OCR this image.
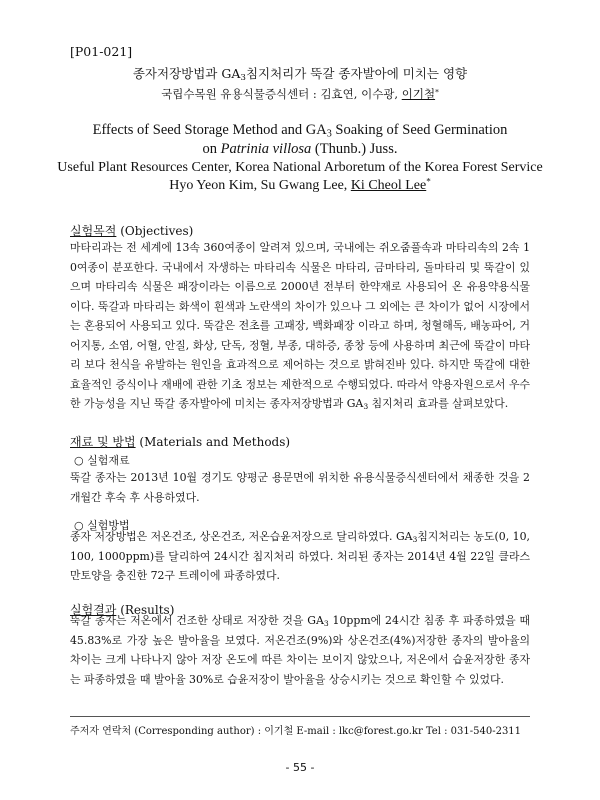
[P01-021]
종자저장방법과 $GA_3$침지처리가 뚝갈 종자발아에 미치는 영향
국립수목원 유용식물증식센터 : 김효연, 이수광, 이기철*
Effects of Seed Storage Method and $GA_3$ Soaking of Seed Germination
on Patrinia villosa (Thunb.) Juss.
Useful Plant Resources Center, Korea National Arboretum of the Korea Forest Service
Hyo Yeon Kim, Su Gwang Lee, Ki Cheol Lee*
실험목적 (Objectives)
마타리과는 전 세계에 13속 360여종이 알려져 있으며, 국내에는 쥐오줌풀속과 마타리속의 2속 10여종이 분포한다. 국내에서 자생하는 마타리속 식물은 마타리, 금마타리, 돌마타리 및 뚝갈이 있으며 마타리속 식물은 패장이라는 이름으로 2000년 전부터 한약재로 사용되어 온 유용약용식물이다. 뚝갈과 마타리는 화색이 흰색과 노란색의 차이가 있으나 그 외에는 큰 차이가 없어 시장에서는 혼용되어 사용되고 있다. 뚝갈은 전초를 고패장, 백화패장 이라고 하며, 청혈해독, 배농파어, 거어지통, 소염, 어혈, 안질, 화상, 단독, 정혈, 부종, 대하증, 종창 등에 사용하며 최근에 뚝갈이 마타리 보다 천식을 유발하는 원인을 효과적으로 제어하는 것으로 밝혀진바 있다. 하지만 뚝갈에 대한 효율적인 증식이나 재배에 관한 기초 정보는 제한적으로 수행되었다. 따라서 약용자원으로서 우수한 가능성을 지닌 뚝갈 종자발아에 미치는 종자저장방법과 $GA_3$ 침지처리 효과를 살펴보았다.
재료 및 방법 (Materials and Methods)
○ 실험재료
뚝갈 종자는 2013년 10월 경기도 양평군 용문면에 위치한 유용식물증식센터에서 채종한 것을 2개월간 후숙 후 사용하였다.
○ 실험방법
종자 저장방법은 저온건조, 상온건조, 저온습윤저장으로 달리하였다. $GA_3$침지처리는 농도(0, 10, 100, 1000ppm)를 달리하여 24시간 침지처리 하였다. 처리된 종자는 2014년 4월 22일 클라스만토양을 충진한 72구 트레이에 파종하였다.
실험결과 (Results)
뚝갈 종자는 저온에서 건조한 상태로 저장한 것을 $GA_3$ 10ppm에 24시간 침종 후 파종하였을 때 45.83%로 가장 높은 발아율을 보였다. 저온건조(9%)와 상온건조(4%)저장한 종자의 발아율의 차이는 크게 나타나지 않아 저장 온도에 따른 차이는 보이지 않았으나, 저온에서 습윤저장한 종자는 파종하였을 때 발아율 30%로 습윤저장이 발아율을 상승시키는 것으로 확인할 수 있었다.
주저자 연락처 (Corresponding author) : 이기철 E-mail : lkc@forest.go.kr Tel : 031-540-2311
- 55 -
